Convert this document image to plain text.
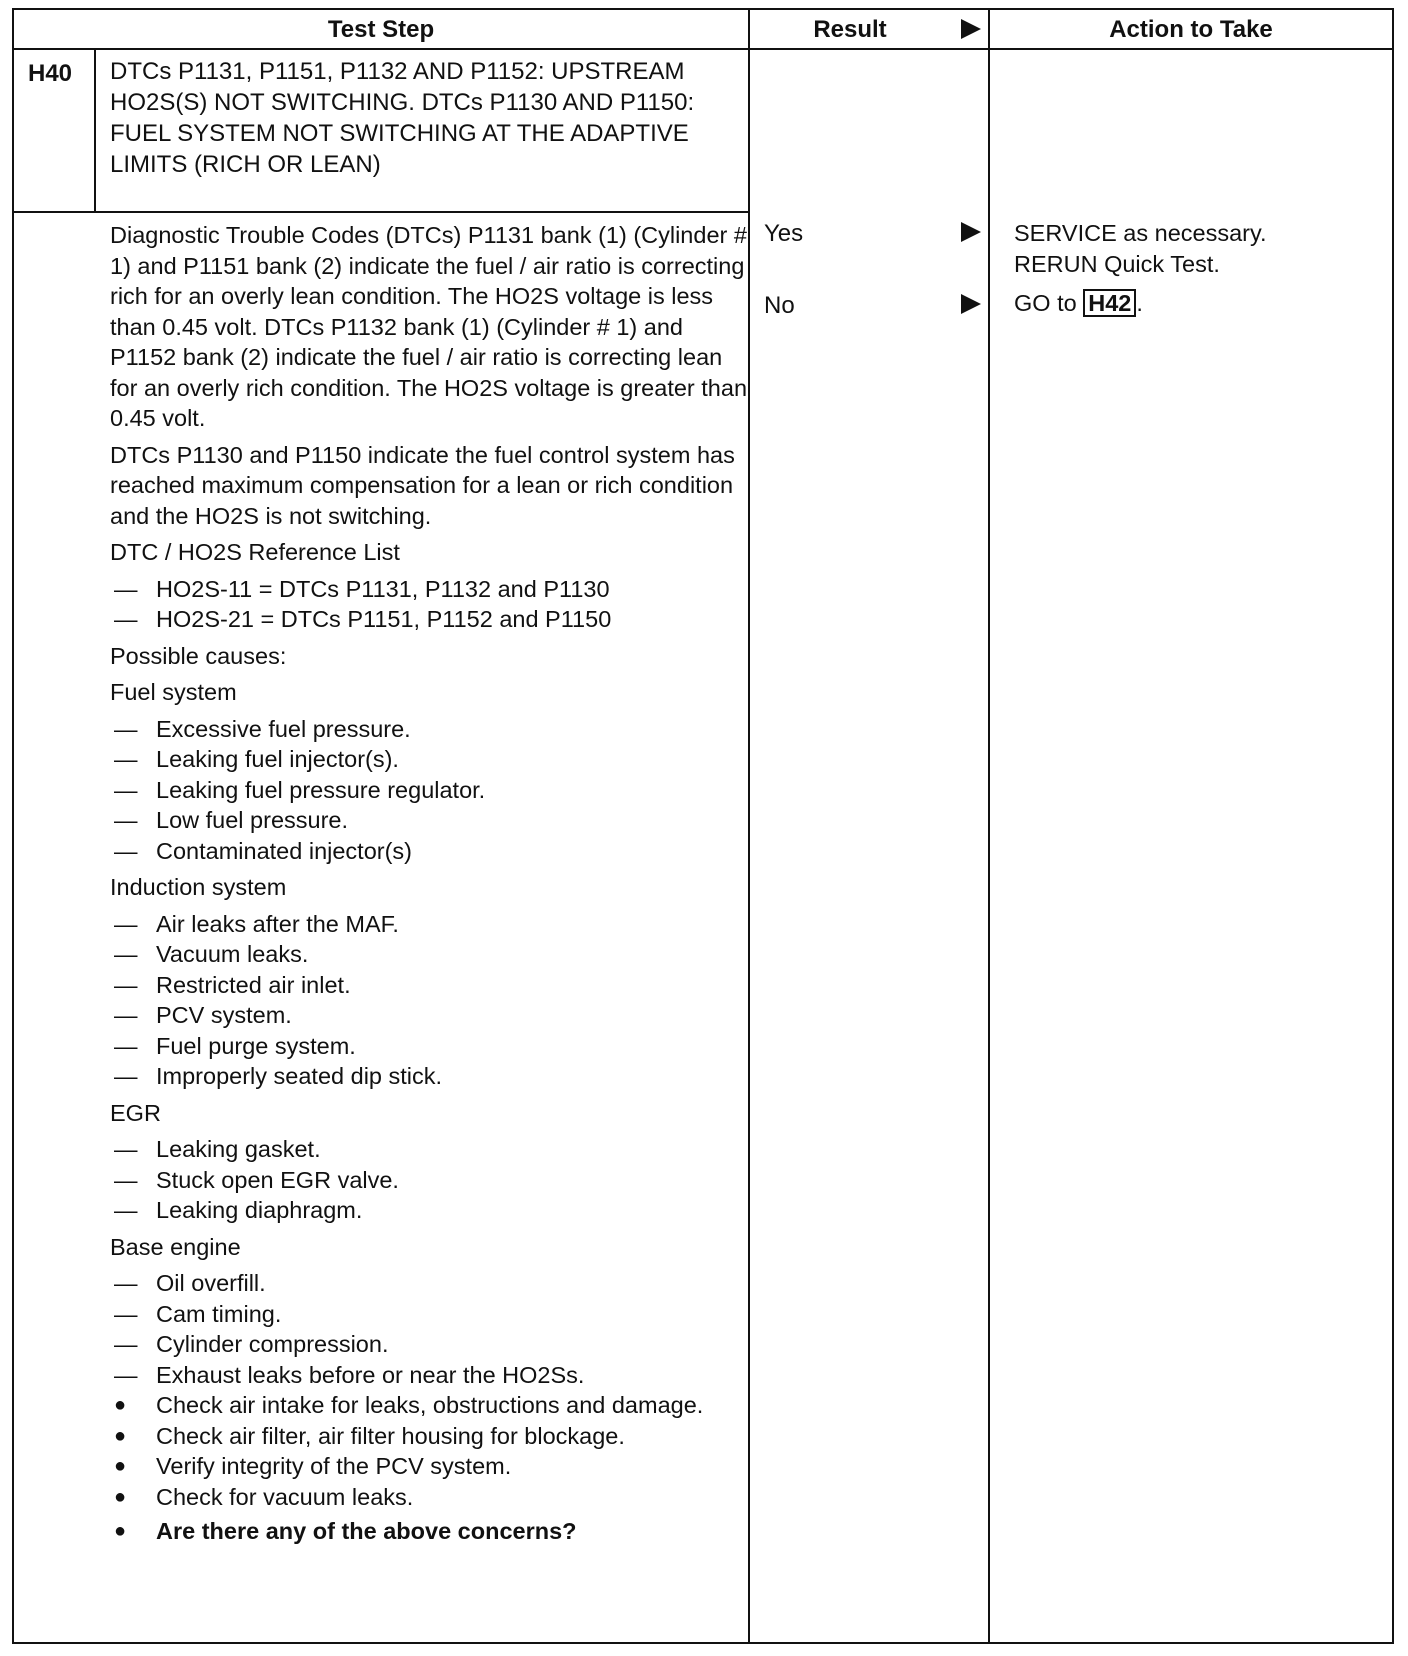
Test Step	Result	Action to Take
H40 DTCs P1131, P1151, P1132 AND P1152: UPSTREAM HO2S(S) NOT SWITCHING. DTCs P1130 AND P1150: FUEL SYSTEM NOT SWITCHING AT THE ADAPTIVE LIMITS (RICH OR LEAN)

Diagnostic Trouble Codes (DTCs) P1131 bank (1) (Cylinder # 1) and P1151 bank (2) indicate the fuel / air ratio is correcting rich for an overly lean condition. The HO2S voltage is less than 0.45 volt. DTCs P1132 bank (1) (Cylinder # 1) and P1152 bank (2) indicate the fuel / air ratio is correcting lean for an overly rich condition. The HO2S voltage is greater than 0.45 volt.

DTCs P1130 and P1150 indicate the fuel control system has reached maximum compensation for a lean or rich condition and the HO2S is not switching.

DTC / HO2S Reference List

— HO2S-11 = DTCs P1131, P1132 and P1130
— HO2S-21 = DTCs P1151, P1152 and P1150

Possible causes:

Fuel system

— Excessive fuel pressure.
— Leaking fuel injector(s).
— Leaking fuel pressure regulator.
— Low fuel pressure.
— Contaminated injector(s)

Induction system

— Air leaks after the MAF.
— Vacuum leaks.
— Restricted air inlet.
— PCV system.
— Fuel purge system.
— Improperly seated dip stick.

EGR

— Leaking gasket.
— Stuck open EGR valve.
— Leaking diaphragm.

Base engine

— Oil overfill.
— Cam timing.
— Cylinder compression.
— Exhaust leaks before or near the HO2Ss.
● Check air intake for leaks, obstructions and damage.
● Check air filter, air filter housing for blockage.
● Verify integrity of the PCV system.
● Check for vacuum leaks.
● Are there any of the above concerns?
Yes
No
SERVICE as necessary.
RERUN Quick Test.
GO to H42 .
